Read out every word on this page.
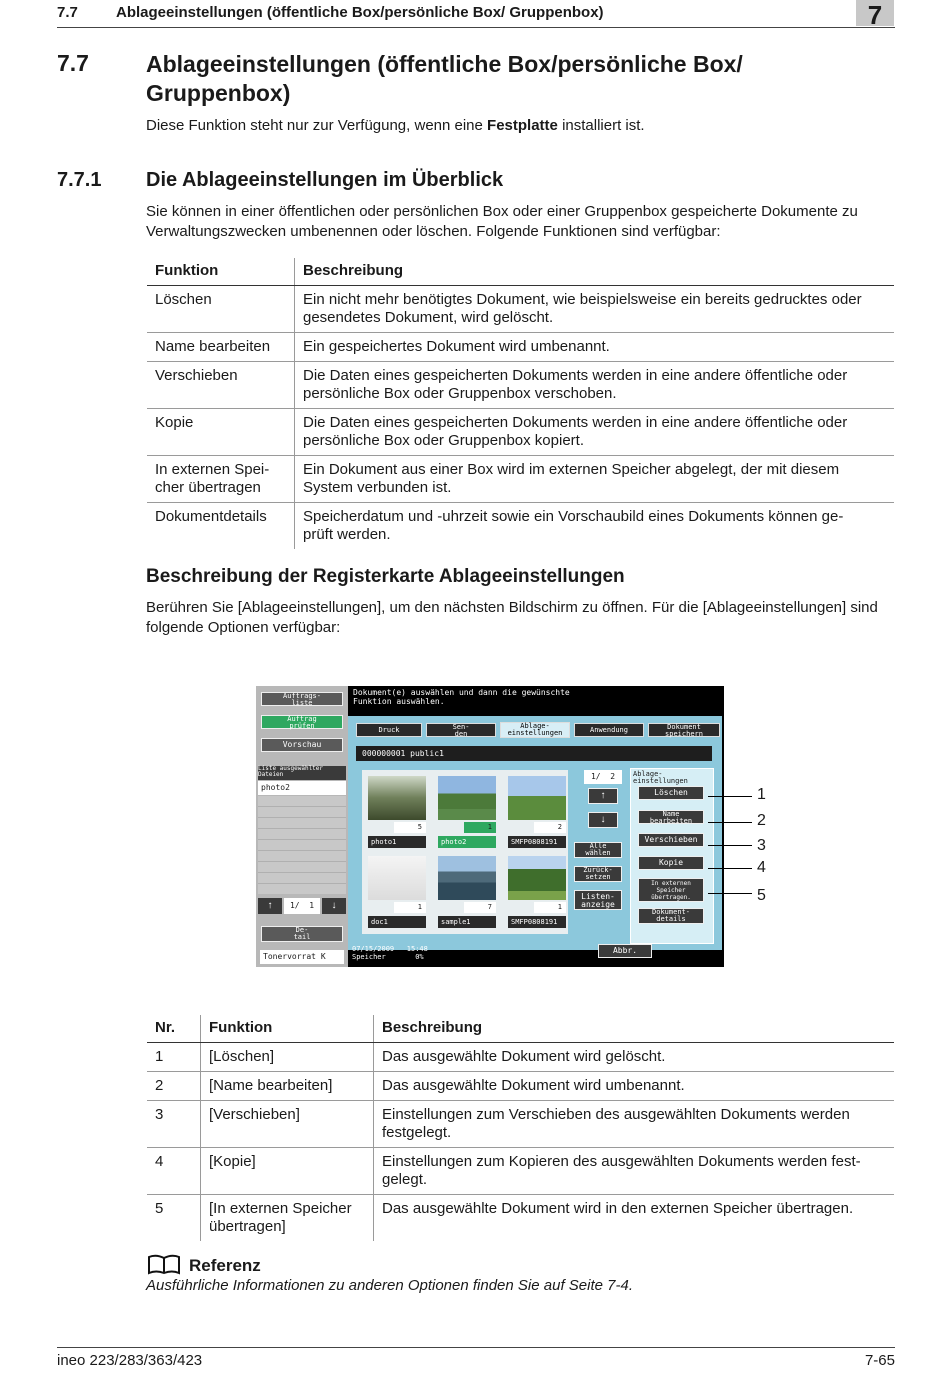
7.7	Ablageeinstellungen (öffentliche Box/persönliche Box/ Gruppenbox)	7
7.7 Ablageeinstellungen (öffentliche Box/persönliche Box/ Gruppenbox)
Diese Funktion steht nur zur Verfügung, wenn eine Festplatte installiert ist.
7.7.1 Die Ablageeinstellungen im Überblick
Sie können in einer öffentlichen oder persönlichen Box oder einer Gruppenbox gespeicherte Dokumente zu Verwaltungszwecken umbenennen oder löschen. Folgende Funktionen sind verfügbar:
Funktion	Beschreibung
Löschen	Ein nicht mehr benötigtes Dokument, wie beispielsweise ein bereits gedrucktes oder gesendetes Dokument, wird gelöscht.
Name bearbeiten	Ein gespeichertes Dokument wird umbenannt.
Verschieben	Die Daten eines gespeicherten Dokuments werden in eine andere öffentliche oder persönliche Box oder Gruppenbox verschoben.
Kopie	Die Daten eines gespeicherten Dokuments werden in eine andere öffentliche oder persönliche Box oder Gruppenbox kopiert.
In externen Spei-
cher übertragen	Ein Dokument aus einer Box wird im externen Speicher abgelegt, der mit diesem System verbunden ist.
Dokumentdetails	Speicherdatum und -uhrzeit sowie ein Vorschaubild eines Dokuments können ge-
prüft werden.
Beschreibung der Registerkarte Ablageeinstellungen
Berühren Sie [Ablageeinstellungen], um den nächsten Bildschirm zu öffnen. Für die [Ablageeinstellungen] sind folgende Optionen verfügbar:
Auftrags-
liste
Auftrag
prüfen
Vorschau
Liste ausgewählter
Dateien
photo2
↑	1/  1	↓
De-
tail
Tonervorrat K
Dokument(e) auswählen und dann die gewünschte
Funktion auswählen.
Druck	Sen-
den
Ablage-
einstellungen	Anwendung	Dokument
speichern
000000001 public1
5
photo1
1
photo2
2
SMFP0808191
1
doc1
7
sample1
1
SMFP0808191
1/  2
↑
↓
Alle
wählen
Zurück-
setzen
Listen-
anzeige
Ablage-
einstellungen
Löschen
Name
bearbeiten
Verschieben
Kopie
In externen
Speicher
übertragen.
Dokument-
details
07/15/2009   15:48
Speicher       0%
Abbr.
1
2
3
4
5
Nr.	Funktion	Beschreibung
1	[Löschen]	Das ausgewählte Dokument wird gelöscht.
2	[Name bearbeiten]	Das ausgewählte Dokument wird umbenannt.
3	[Verschieben]	Einstellungen zum Verschieben des ausgewählten Dokuments werden festgelegt.
4	[Kopie]	Einstellungen zum Kopieren des ausgewählten Dokuments werden fest-
gelegt.
5	[In externen Speicher
übertragen]	Das ausgewählte Dokument wird in den externen Speicher übertragen.
Referenz
Ausführliche Informationen zu anderen Optionen finden Sie auf Seite 7-4.
ineo 223/283/363/423	7-65
